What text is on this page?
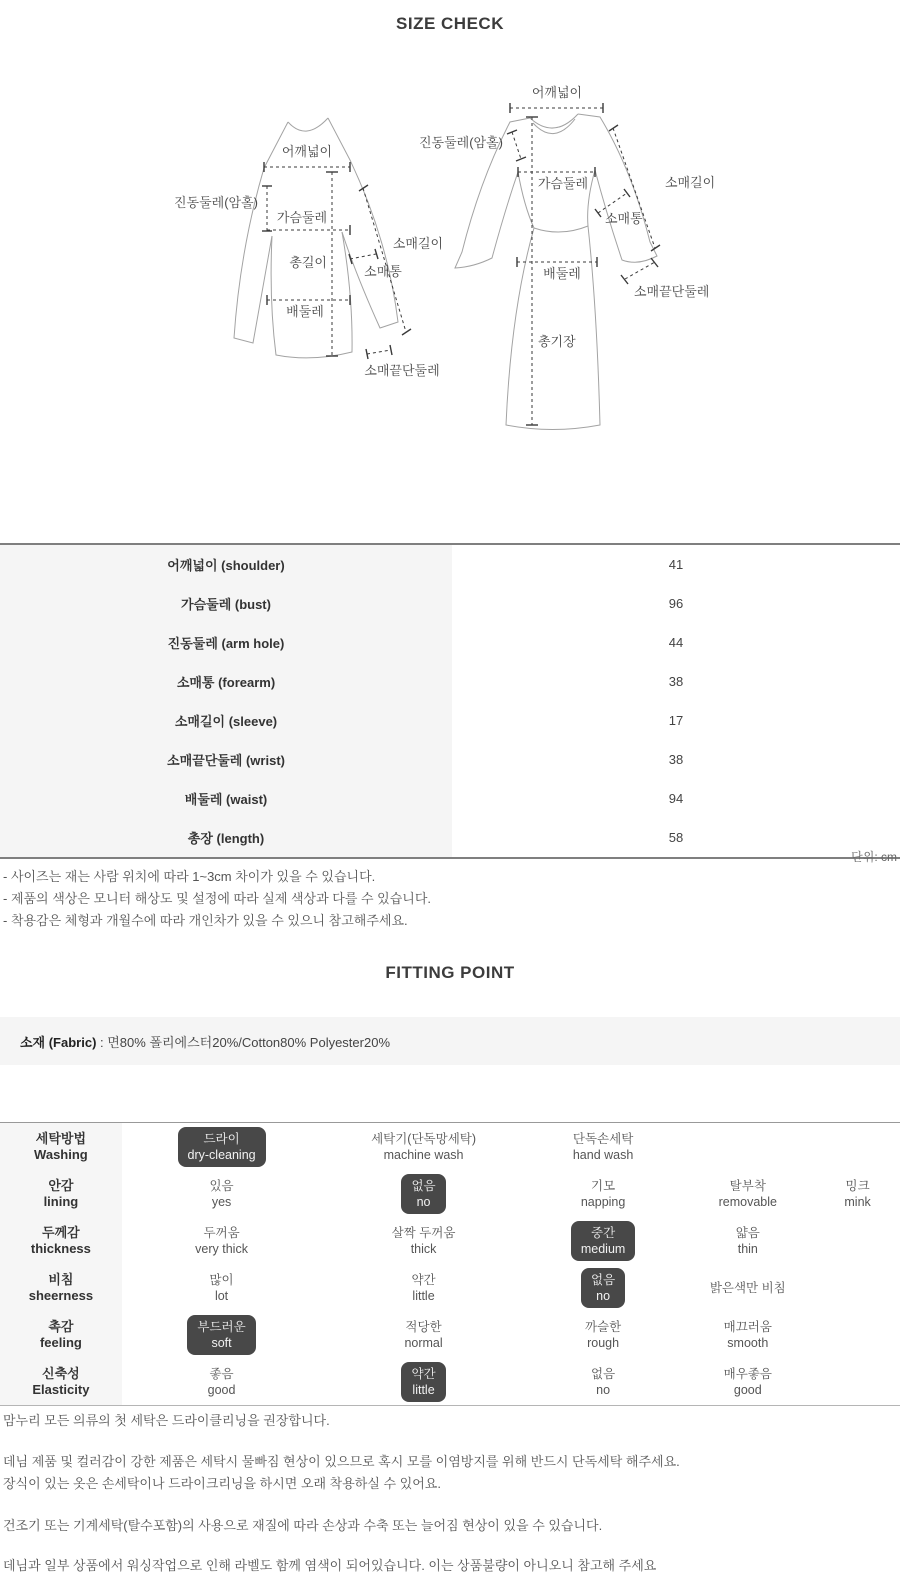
SIZE CHECK
어깨넓이
진동둘레(암홀)
가슴둘레
총길이
소매길이
소매통
배둘레
소매끝단둘레
어깨넓이
진동둘레(암홀)
가슴둘레
총기장
소매길이
소매통
배둘레
소매끝단둘레
어깨넓이 (shoulder)	41
가슴둘레 (bust)	96
진동둘레 (arm hole)	44
소매통 (forearm)	38
소매길이 (sleeve)	17
소매끝단둘레 (wrist)	38
배둘레 (waist)	94
총장 (length)	58
단위: cm
- 사이즈는 재는 사람 위치에 따라 1~3cm 차이가 있을 수 있습니다.
- 제품의 색상은 모니터 해상도 및 설정에 따라 실제 색상과 다를 수 있습니다.
- 착용감은 체형과 개월수에 따라 개인차가 있을 수 있으니 참고해주세요.
FITTING POINT
소재 (Fabric) : 면80% 폴리에스터20%/Cotton80% Polyester20%
세탁방법
Washing
	드라이
dry-cleaning	세탁기(단독망세탁)
machine wash	단독손세탁
hand wash		

안감
lining
	있음
yes	없음
no	기모
napping	탈부착
removable	밍크
mink

두께감
thickness
	두꺼움
very thick	살짝 두꺼움
thick	중간
medium	얇음
thin	

비침
sheerness
	많이
lot	약간
little	없음
no	밝은색만 비침	

촉감
feeling
	부드러운
soft	적당한
normal	까슬한
rough	매끄러움
smooth	

신축성
Elasticity
	좋음
good	약간
little	없음
no	매우좋음
good	

맘누리 모든 의류의 첫 세탁은 드라이클리닝을 권장합니다.

데님 제품 및 컬러감이 강한 제품은 세탁시 물빠짐 현상이 있으므로 혹시 모를 이염방지를 위해 반드시 단독세탁 해주세요.

장식이 있는 옷은 손세탁이나 드라이크리닝을 하시면 오래 착용하실 수 있어요.

건조기 또는 기계세탁(탈수포함)의 사용으로 재질에 따라 손상과 수축 또는 늘어짐 현상이 있을 수 있습니다.

데님과 일부 상품에서 워싱작업으로 인해 라벨도 함께 염색이 되어있습니다. 이는 상품불량이 아니오니 참고해 주세요
